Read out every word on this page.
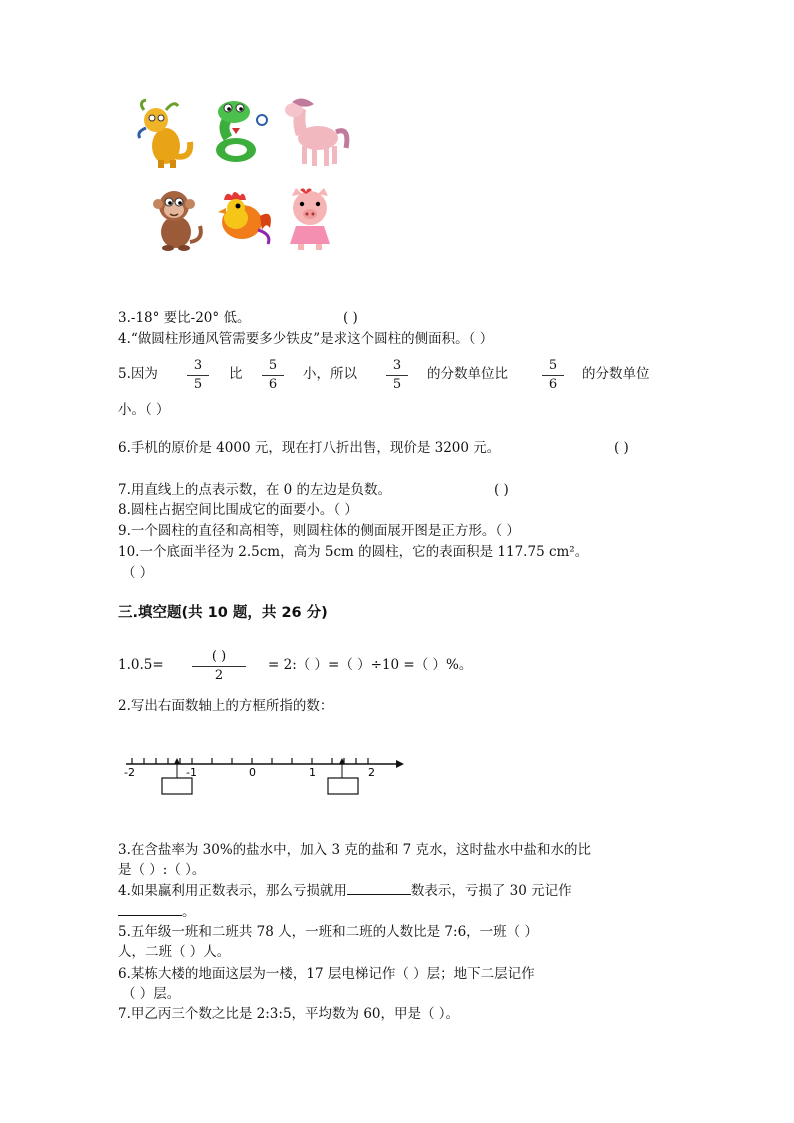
3.-18° 要比-20° 低。	( )
4.“做圆柱形通风管需要多少铁皮”是求这个圆柱的侧面积。（ ）
5.因为 $\frac{3}{5}$ 比 $\frac{5}{6}$ 小，所以 $\frac{3}{5}$ 的分数单位比	$\frac{5}{6}$ 的分数单位
小。（ ）
6.手机的原价是 4000 元，现在打八折出售，现价是 3200 元。	( )
7.用直线上的点表示数，在 0 的左边是负数。	( )
8.圆柱占据空间比围成它的面要小。（ ）
9.一个圆柱的直径和高相等，则圆柱体的侧面展开图是正方形。（ ）
10.一个底面半径为 2.5cm，高为 5cm 的圆柱，它的表面积是 117.75 cm²。
（ ）
三.填空题(共 10 题，共 26 分)
1.0.5=
( )
2
= 2:（ ）=（ ）÷10 =（ ）%。
2.写出右面数轴上的方框所指的数：
-2	-1	0	1	2
3.在含盐率为 30%的盐水中，加入 3 克的盐和 7 克水，这时盐水中盐和水的比
是（ ）:（ ）。
4.如果赢利用正数表示，那么亏损就用	数表示，亏损了 30 元记作
。
5.五年级一班和二班共 78 人，一班和二班的人数比是 7:6，一班（ ）
人，二班（ ）人。
6.某栋大楼的地面这层为一楼，17 层电梯记作（ ）层；地下二层记作
（ ）层。
7.甲乙丙三个数之比是 2:3:5，平均数为 60，甲是（ ）。
